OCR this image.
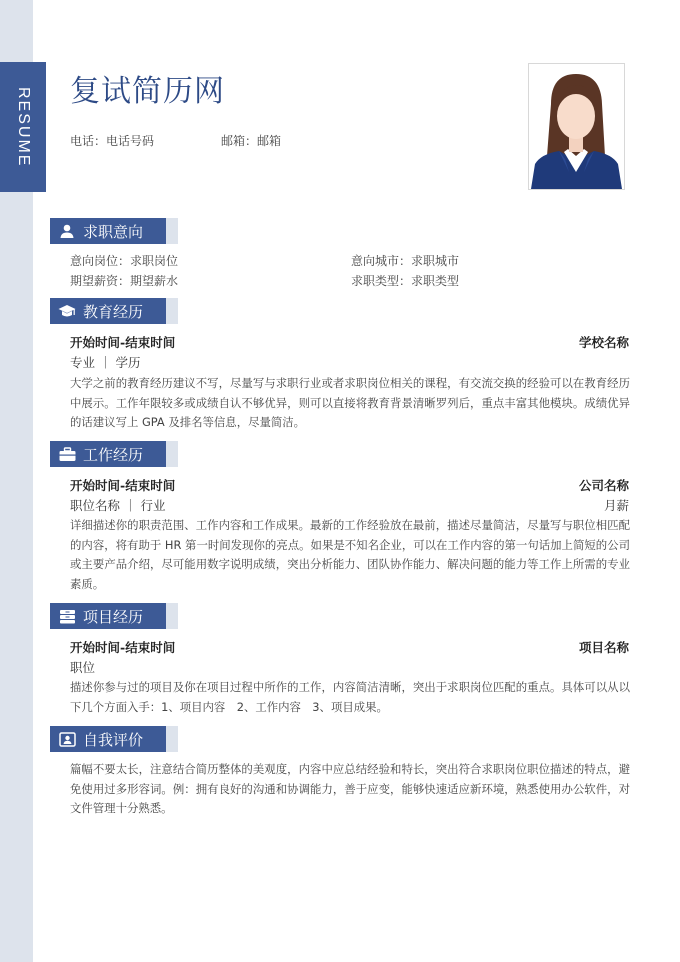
RESUME 复试简历网
电话：电话号码	邮箱：邮箱
求职意向
意向岗位：求职岗位	意向城市：求职城市
期望薪资：期望薪水	求职类型：求职类型
教育经历
开始时间-结束时间	学校名称
专业 ｜ 学历
大学之前的教育经历建议不写，尽量写与求职行业或者求职岗位相关的课程，有交流交换的经验可以在教育经历中展示。工作年限较多或成绩自认不够优异，则可以直接将教育背景清晰罗列后，重点丰富其他模块。成绩优异的话建议写上 GPA 及排名等信息，尽量简洁。
工作经历
开始时间-结束时间	公司名称
职位名称 ｜ 行业	月薪
详细描述你的职责范围、工作内容和工作成果。最新的工作经验放在最前，描述尽量简洁，尽量写与职位相匹配的内容，将有助于 HR 第一时间发现你的亮点。如果是不知名企业，可以在工作内容的第一句话加上简短的公司或主要产品介绍，尽可能用数字说明成绩，突出分析能力、团队协作能力、解决问题的能力等工作上所需的专业素质。
项目经历
开始时间-结束时间	项目名称
职位
描述你参与过的项目及你在项目过程中所作的工作，内容简洁清晰，突出于求职岗位匹配的重点。具体可以从以下几个方面入手：1、项目内容　2、工作内容　3、项目成果。
自我评价
篇幅不要太长，注意结合简历整体的美观度，内容中应总结经验和特长，突出符合求职岗位职位描述的特点，避免使用过多形容词。例：拥有良好的沟通和协调能力，善于应变，能够快速适应新环境，熟悉使用办公软件，对文件管理十分熟悉。
